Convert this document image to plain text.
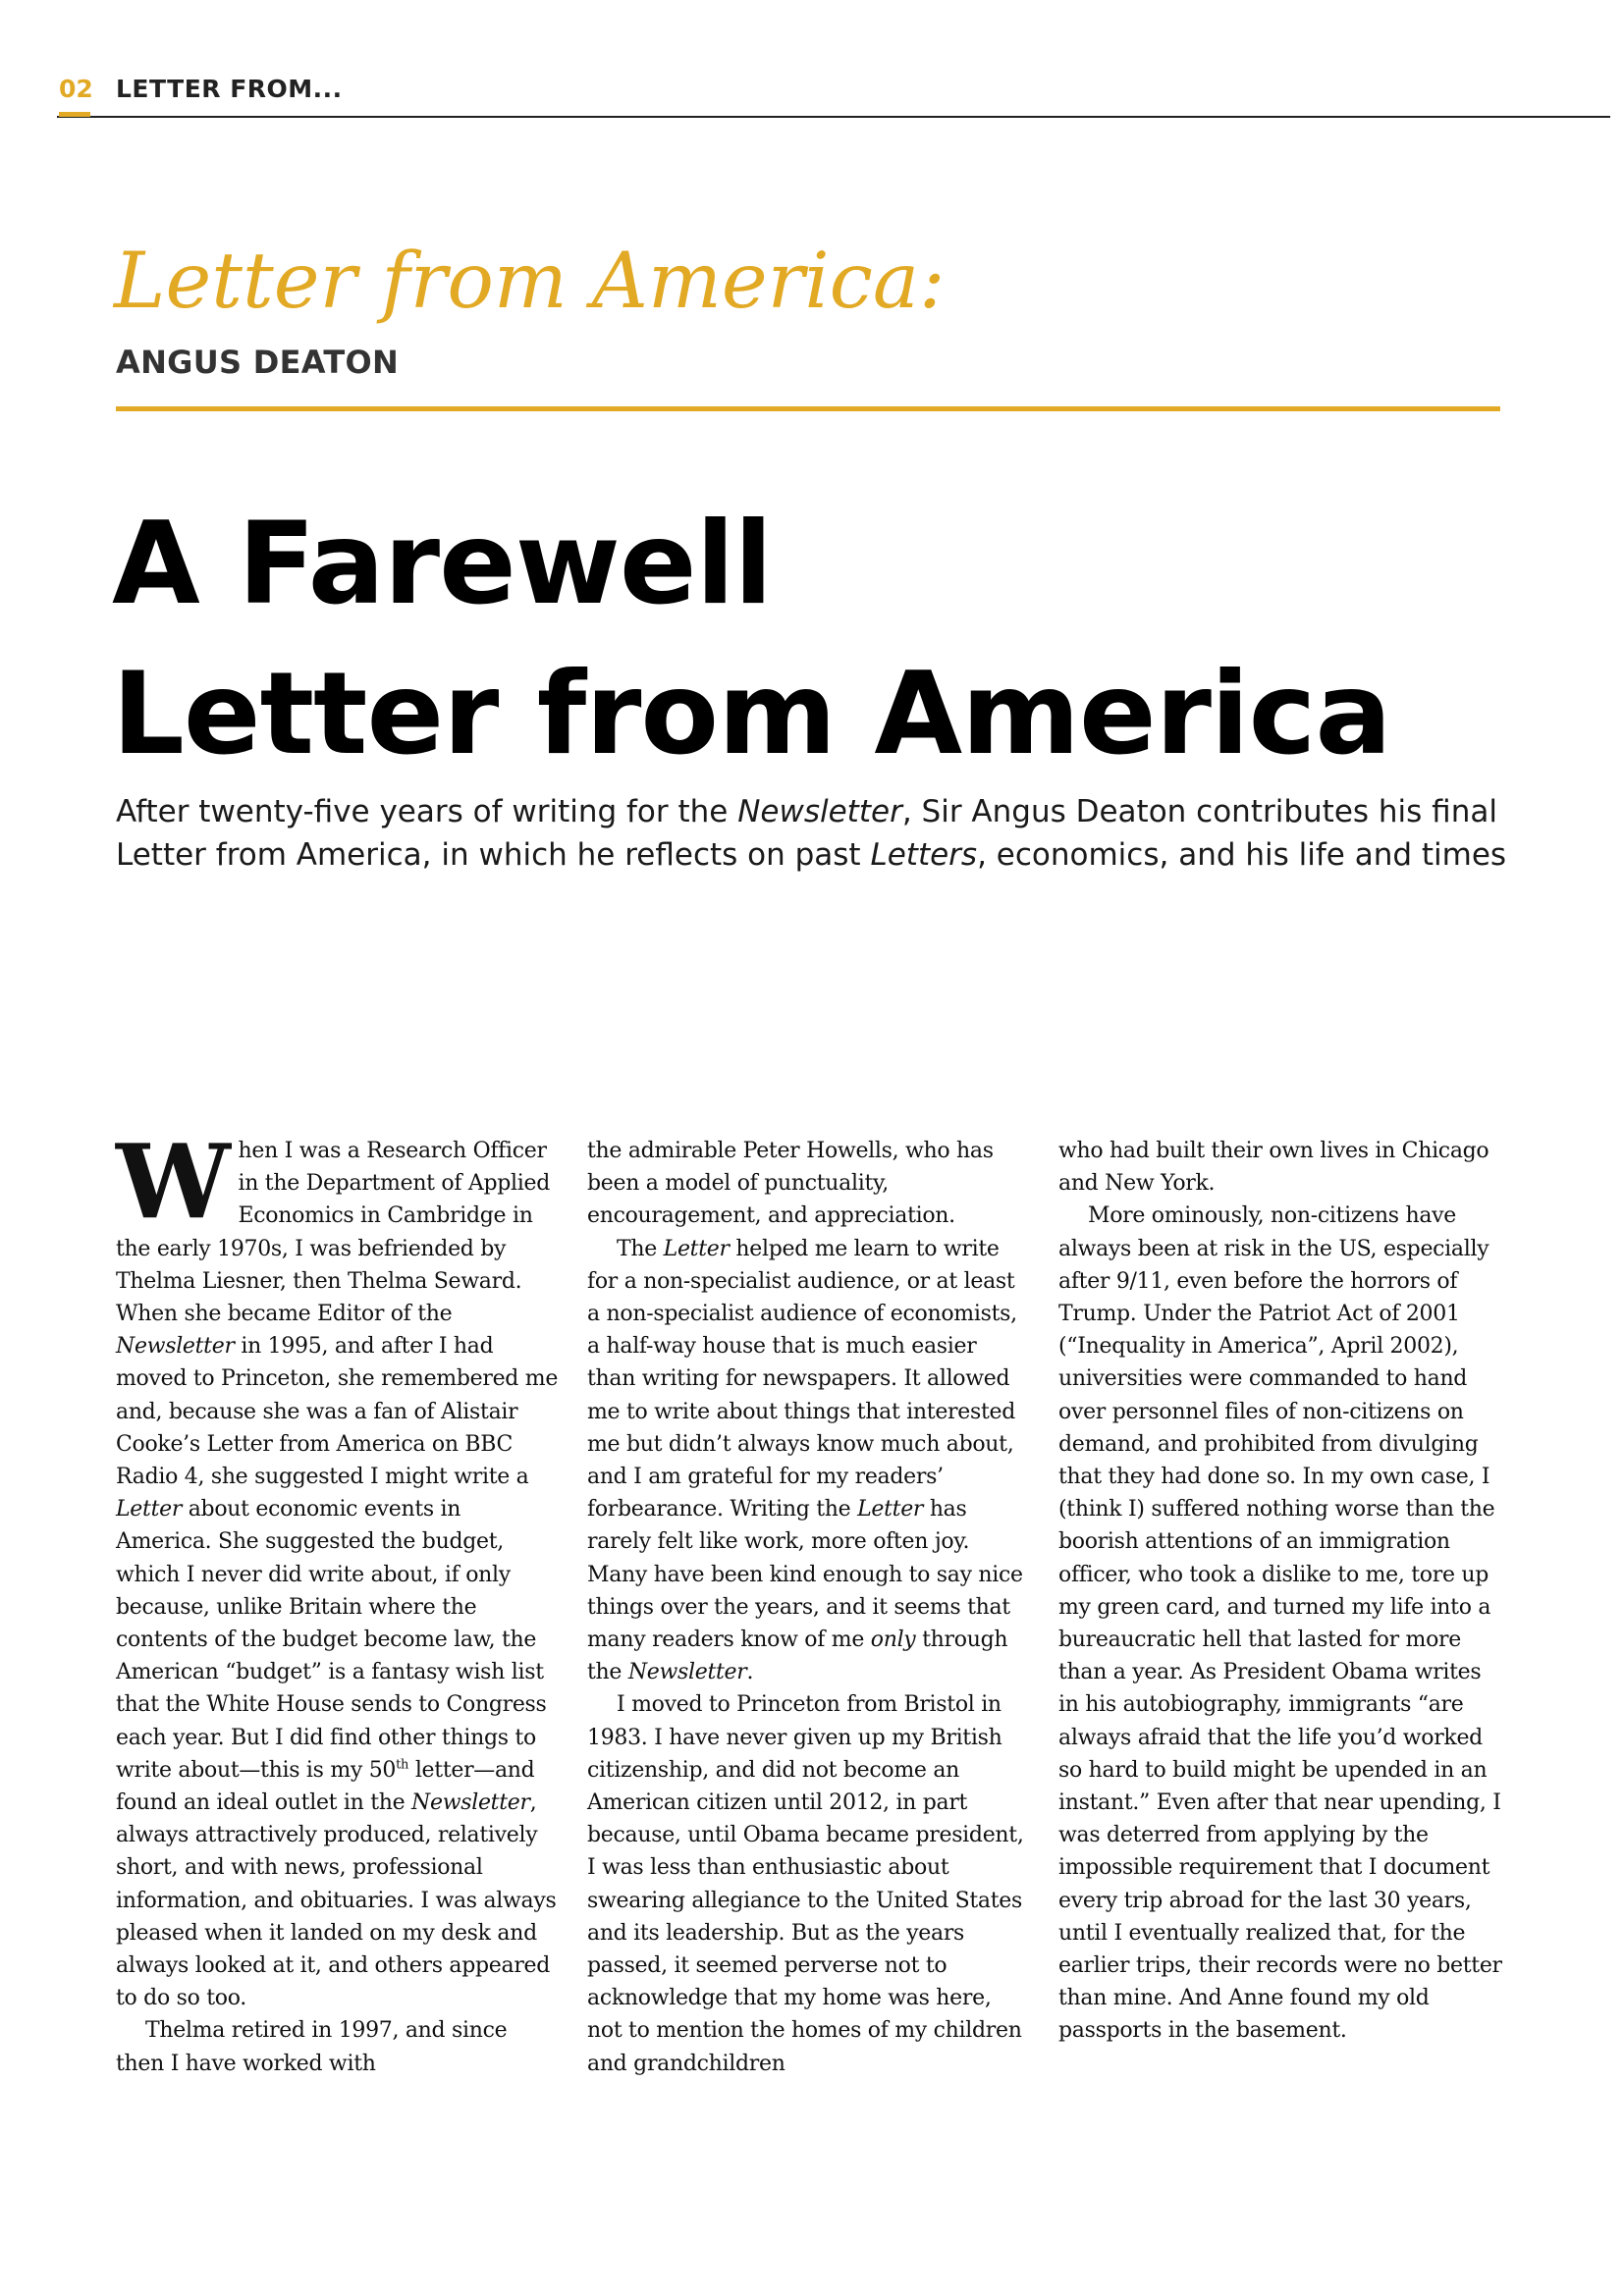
02 LETTER FROM...
Letter from America:
ANGUS DEATON
A Farewell
Letter from America
After twenty-five years of writing for the Newsletter, Sir Angus Deaton contributes his final Letter from America, in which he reflects on past Letters, economics, and his life and times

When I was a Research Officer in the Department of Applied Economics in Cambridge in the early 1970s, I was befriended by Thelma Liesner, then Thelma Seward. When she became Editor of the Newsletter in 1995, and after I had moved to Princeton, she remembered me and, because she was a fan of Alistair Cooke’s Letter from America on BBC Radio 4, she suggested I might write a Letter about economic events in America. She suggested the budget, which I never did write about, if only because, unlike Britain where the contents of the budget become law, the American “budget” is a fantasy wish list that the White House sends to Congress each year. But I did find other things to write about—this is my 50th letter—and found an ideal outlet in the Newsletter, always attractively produced, relatively short, and with news, professional information, and obituaries. I was always pleased when it landed on my desk and always looked at it, and others appeared to do so too.

Thelma retired in 1997, and since then I have worked with

the admirable Peter Howells, who has been a model of punctuality, encouragement, and appreciation.

The Letter helped me learn to write for a non-specialist audience, or at least a non-specialist audience of economists, a half-way house that is much easier than writing for newspapers. It allowed me to write about things that interested me but didn’t always know much about, and I am grateful for my readers’ forbearance. Writing the Letter has rarely felt like work, more often joy. Many have been kind enough to say nice things over the years, and it seems that many readers know of me only through the Newsletter.

I moved to Princeton from Bristol in 1983. I have never given up my British citizenship, and did not become an American citizen until 2012, in part because, until Obama became president, I was less than enthusiastic about swearing allegiance to the United States and its leadership. But as the years passed, it seemed perverse not to acknowledge that my home was here, not to mention the homes of my children and grandchildren

who had built their own lives in Chicago and New York.

More ominously, non-citizens have always been at risk in the US, especially after 9/11, even before the horrors of Trump. Under the Patriot Act of 2001 (“Inequality in America”, April 2002), universities were commanded to hand over personnel files of non-citizens on demand, and prohibited from divulging that they had done so. In my own case, I (think I) suffered nothing worse than the boorish attentions of an immigration officer, who took a dislike to me, tore up my green card, and turned my life into a bureaucratic hell that lasted for more than a year. As President Obama writes in his autobiography, immigrants “are always afraid that the life you’d worked so hard to build might be upended in an instant.” Even after that near upending, I was deterred from applying by the impossible requirement that I document every trip abroad for the last 30 years, until I eventually realized that, for the earlier trips, their records were no better than mine. And Anne found my old passports in the basement.
